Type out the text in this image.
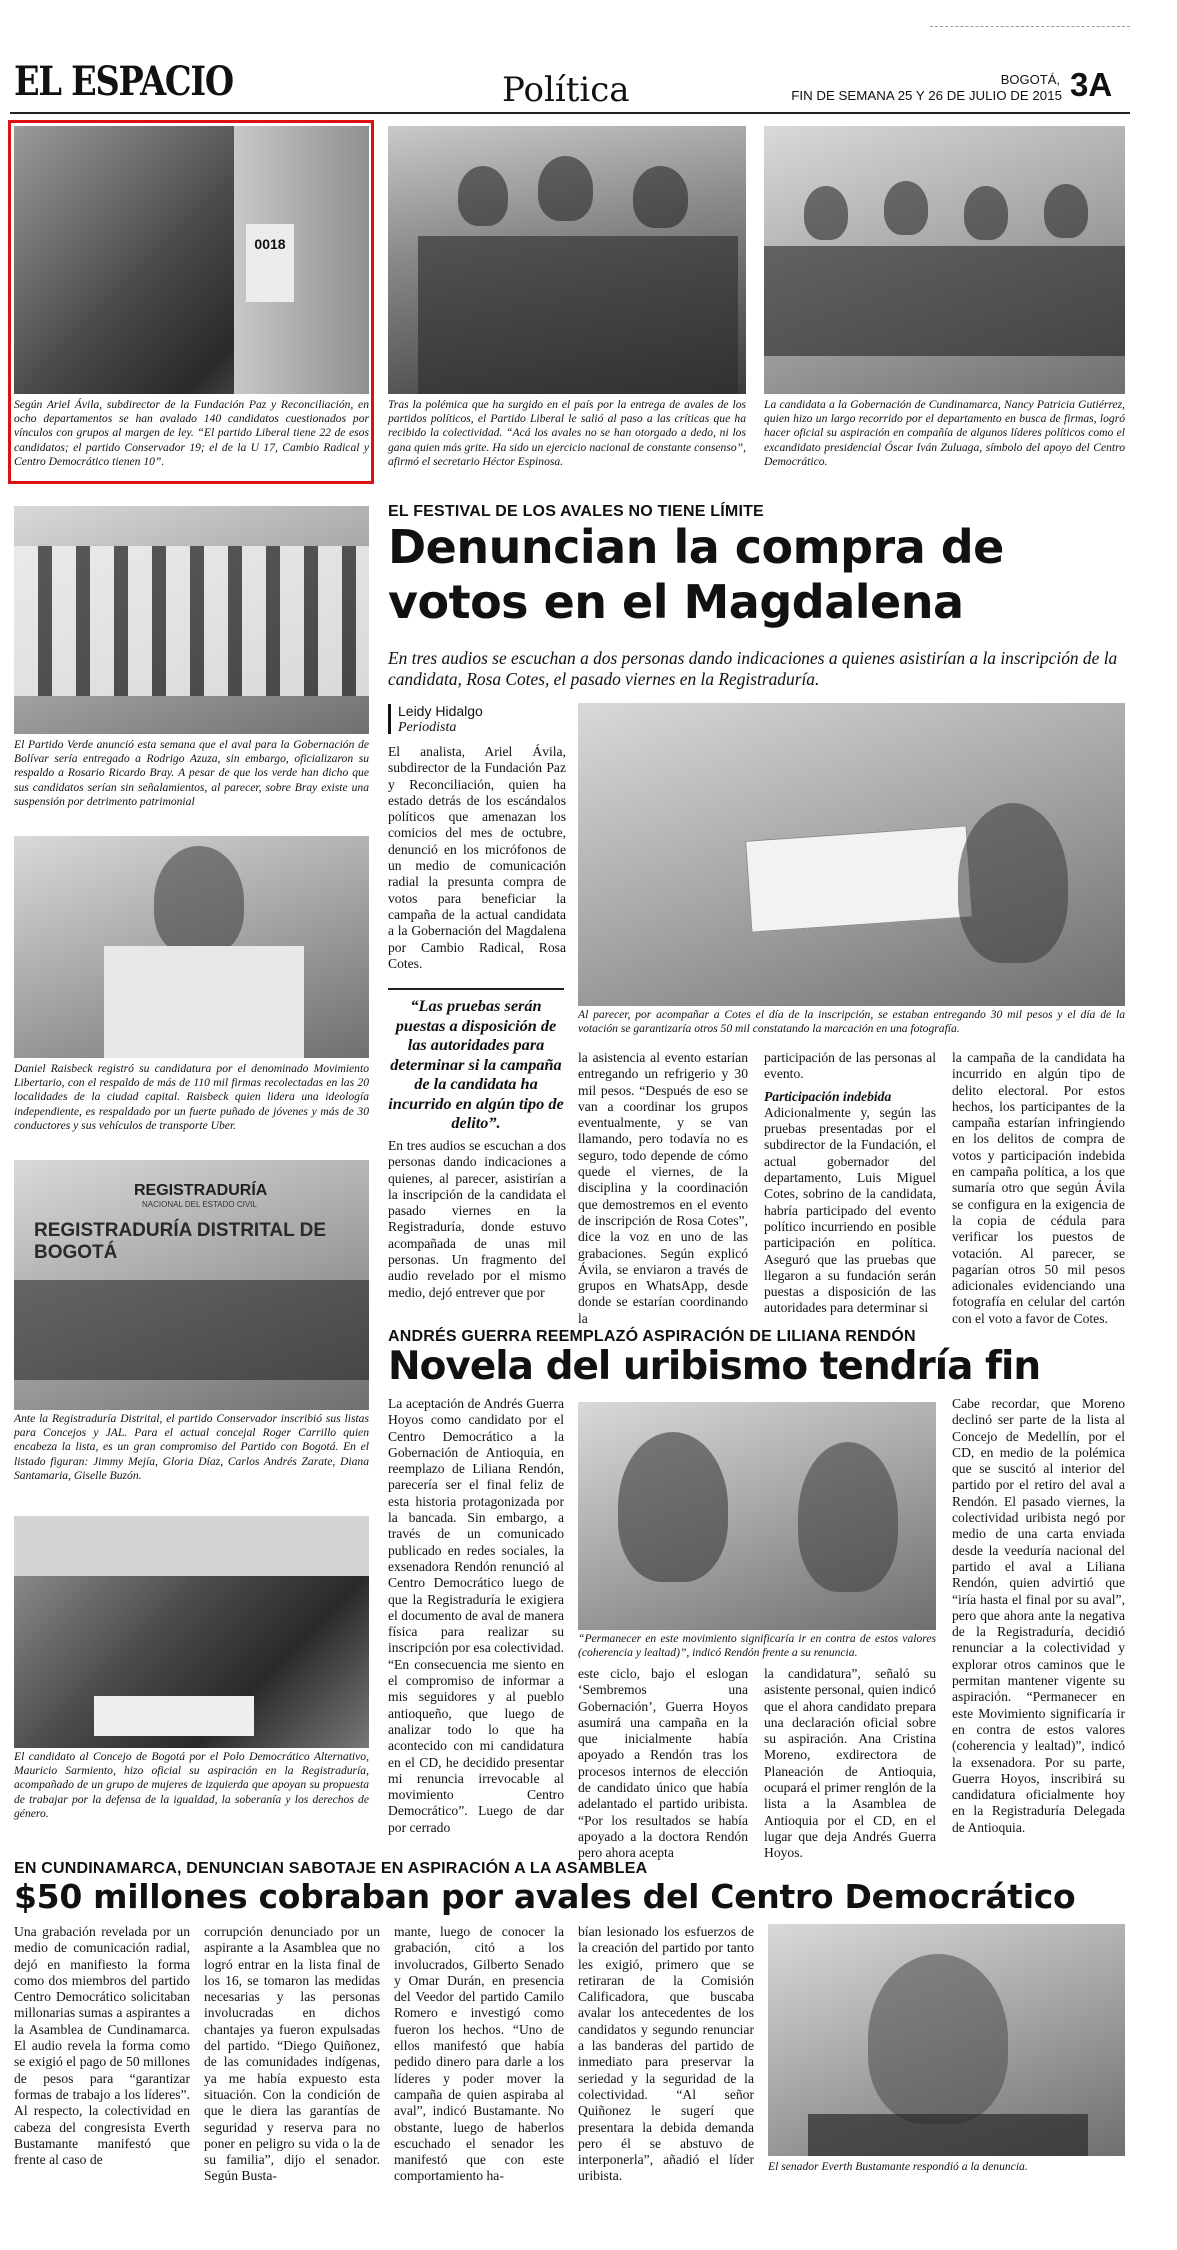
EL ESPACIO	Política	BOGOTÁ,
FIN DE SEMANA 25 Y 26 DE JULIO DE 2015 3A
0018
Según Ariel Ávila, subdirector de la Fundación Paz y Reconciliación, en ocho departamentos se han avalado 140 candidatos cuestionados por vínculos con grupos al margen de ley. “El partido Liberal tiene 22 de esos candidatos; el partido Conservador 19; el de la U 17, Cambio Radical y Centro Democrático tienen 10”.
Tras la polémica que ha surgido en el país por la entrega de avales de los partidos políticos, el Partido Liberal le salió al paso a las críticas que ha recibido la colectividad. “Acá los avales no se han otorgado a dedo, ni los gana quien más grite. Ha sido un ejercicio nacional de constante consenso”, afirmó el secretario Héctor Espinosa.
La candidata a la Gobernación de Cundinamarca, Nancy Patricia Gutiérrez, quien hizo un largo recorrido por el departamento en busca de firmas, logró hacer oficial su aspiración en compañía de algunos líderes políticos como el excandidato presidencial Óscar Iván Zuluaga, símbolo del apoyo del Centro Democrático.
El Partido Verde anunció esta semana que el aval para la Gobernación de Bolívar sería entregado a Rodrigo Azuza, sin embargo, oficializaron su respaldo a Rosario Ricardo Bray. A pesar de que los verde han dicho que sus candidatos serían sin señalamientos, al parecer, sobre Bray existe una suspensión por detrimento patrimonial
Daniel Raisbeck registró su candidatura por el denominado Movimiento Libertario, con el respaldo de más de 110 mil firmas recolectadas en las 20 localidades de la ciudad capital. Raisbeck quien lidera una ideología independiente, es respaldado por un fuerte puñado de jóvenes y más de 30 conductores y sus vehículos de transporte Uber.
REGISTRADURÍA
NACIONAL DEL ESTADO CIVIL
REGISTRADURÍA DISTRITAL DE BOGOTÁ
Ante la Registraduría Distrital, el partido Conservador inscribió sus listas para Concejos y JAL. Para el actual concejal Roger Carrillo quien encabeza la lista, es un gran compromiso del Partido con Bogotá. En el listado figuran: Jimmy Mejía, Gloria Díaz, Carlos Andrés Zarate, Diana Santamaria, Giselle Buzón.
El candidato al Concejo de Bogotá por el Polo Democrático Alternativo, Mauricio Sarmiento, hizo oficial su aspiración en la Registraduría, acompañado de un grupo de mujeres de izquierda que apoyan su propuesta de trabajar por la defensa de la igualdad, la soberanía y los derechos de género.
EL FESTIVAL DE LOS AVALES NO TIENE LÍMITE
Denuncian la compra de votos en el Magdalena
En tres audios se escuchan a dos personas dando indicaciones a quienes asistirían a la inscripción de la candidata, Rosa Cotes, el pasado viernes en la Registraduría.
Leidy Hidalgo
Periodista
El analista, Ariel Ávila, subdirector de la Fundación Paz y Reconciliación, quien ha estado detrás de los escándalos políticos que amenazan los comicios del mes de octubre, denunció en los micrófonos de un medio de comunicación radial la presunta compra de votos para beneficiar la campaña de la actual candidata a la Gobernación del Magdalena por Cambio Radical, Rosa Cotes.
“Las pruebas serán puestas a disposición de las autoridades para determinar si la campaña de la candidata ha incurrido en algún tipo de delito”.
En tres audios se escuchan a dos personas dando indicaciones a quienes, al parecer, asistirían a la inscripción de la candidata el pasado viernes en la Registraduría, donde estuvo acompañada de unas mil personas. Un fragmento del audio revelado por el mismo medio, dejó entrever que por
Al parecer, por acompañar a Cotes el día de la inscripción, se estaban entregando 30 mil pesos y el día de la votación se garantizaría otros 50 mil constatando la marcación en una fotografía.
la asistencia al evento estarían entregando un refrigerio y 30 mil pesos. “Después de eso se van a coordinar los grupos eventualmente, y se van llamando, pero todavía no es seguro, todo depende de cómo quede el viernes, de la disciplina y la coordinación que demostremos en el evento de inscripción de Rosa Cotes”, dice la voz en uno de las grabaciones. Según explicó Ávila, se enviaron a través de grupos en WhatsApp, desde donde se estarían coordinando la

participación de las personas al evento.

Participación indebida

Adicionalmente y, según las pruebas presentadas por el subdirector de la Fundación, el actual gobernador del departamento, Luis Miguel Cotes, sobrino de la candidata, habría participado del evento político incurriendo en posible participación en política. Aseguró que las pruebas que llegaron a su fundación serán puestas a disposición de las autoridades para determinar si

la campaña de la candidata ha incurrido en algún tipo de delito electoral. Por estos hechos, los participantes de la campaña estarían infringiendo en los delitos de compra de votos y participación indebida en campaña política, a los que sumaría otro que según Ávila se configura en la exigencia de la copia de cédula para verificar los puestos de votación. Al parecer, se pagarían otros 50 mil pesos adicionales evidenciando una fotografía en celular del cartón con el voto a favor de Cotes.
ANDRÉS GUERRA REEMPLAZÓ ASPIRACIÓN DE LILIANA RENDÓN
Novela del uribismo tendría fin
La aceptación de Andrés Guerra Hoyos como candidato por el Centro Democrático a la Gobernación de Antioquia, en reemplazo de Liliana Rendón, parecería ser el final feliz de esta historia protagonizada por la bancada. Sin embargo, a través de un comunicado publicado en redes sociales, la exsenadora Rendón renunció al Centro Democrático luego de que la Registraduría le exigiera el documento de aval de manera física para realizar su inscripción por esa colectividad. “En consecuencia me siento en el compromiso de informar a mis seguidores y al pueblo antioqueño, que luego de analizar todo lo que ha acontecido con mi candidatura en el CD, he decidido presentar mi renuncia irrevocable al movimiento Centro Democrático”. Luego de dar por cerrado
“Permanecer en este movimiento significaría ir en contra de estos valores (coherencia y lealtad)”, indicó Rendón frente a su renuncia.
este ciclo, bajo el eslogan ‘Sembremos una Gobernación’, Guerra Hoyos asumirá una campaña en la que inicialmente había apoyado a Rendón tras los procesos internos de elección de candidato único que había adelantado el partido uribista. “Por los resultados se había apoyado a la doctora Rendón pero ahora acepta
la candidatura”, señaló su asistente personal, quien indicó que el ahora candidato prepara una declaración oficial sobre su aspiración. Ana Cristina Moreno, exdirectora de Planeación de Antioquia, ocupará el primer renglón de la lista a la Asamblea de Antioquia por el CD, en el lugar que deja Andrés Guerra Hoyos.
Cabe recordar, que Moreno declinó ser parte de la lista al Concejo de Medellín, por el CD, en medio de la polémica que se suscitó al interior del partido por el retiro del aval a Rendón. El pasado viernes, la colectividad uribista negó por medio de una carta enviada desde la veeduría nacional del partido el aval a Liliana Rendón, quien advirtió que “iría hasta el final por su aval”, pero que ahora ante la negativa de la Registraduría, decidió renunciar a la colectividad y explorar otros caminos que le permitan mantener vigente su aspiración. “Permanecer en este Movimiento significaría ir en contra de estos valores (coherencia y lealtad)”, indicó la exsenadora. Por su parte, Guerra Hoyos, inscribirá su candidatura oficialmente hoy en la Registraduría Delegada de Antioquia.
EN CUNDINAMARCA, DENUNCIAN SABOTAJE EN ASPIRACIÓN A LA ASAMBLEA
$50 millones cobraban por avales del Centro Democrático
Una grabación revelada por un medio de comunicación radial, dejó en manifiesto la forma como dos miembros del partido Centro Democrático solicitaban millonarias sumas a aspirantes a la Asamblea de Cundinamarca. El audio revela la forma como se exigió el pago de 50 millones de pesos para “garantizar formas de trabajo a los líderes”. Al respecto, la colectividad en cabeza del congresista Everth Bustamante manifestó que frente al caso de
corrupción denunciado por un aspirante a la Asamblea que no logró entrar en la lista final de los 16, se tomaron las medidas necesarias y las personas involucradas en dichos chantajes ya fueron expulsadas del partido. “Diego Quiñonez, de las comunidades indígenas, ya me había expuesto esta situación. Con la condición de que le diera las garantías de seguridad y reserva para no poner en peligro su vida o la de su familia”, dijo el senador. Según Busta-
mante, luego de conocer la grabación, citó a los involucrados, Gilberto Senado y Omar Durán, en presencia del Veedor del partido Camilo Romero e investigó como fueron los hechos. “Uno de ellos manifestó que había pedido dinero para darle a los líderes y poder mover la campaña de quien aspiraba al aval”, indicó Bustamante. No obstante, luego de haberlos escuchado el senador les manifestó que con este comportamiento ha-
bían lesionado los esfuerzos de la creación del partido por tanto les exigió, primero que se retiraran de la Comisión Calificadora, que buscaba avalar los antecedentes de los candidatos y segundo renunciar a las banderas del partido de inmediato para preservar la seriedad y la seguridad de la colectividad. “Al señor Quiñonez le sugerí que presentara la debida demanda pero él se abstuvo de interponerla”, añadió el líder uribista.
El senador Everth Bustamante respondió a la denuncia.
